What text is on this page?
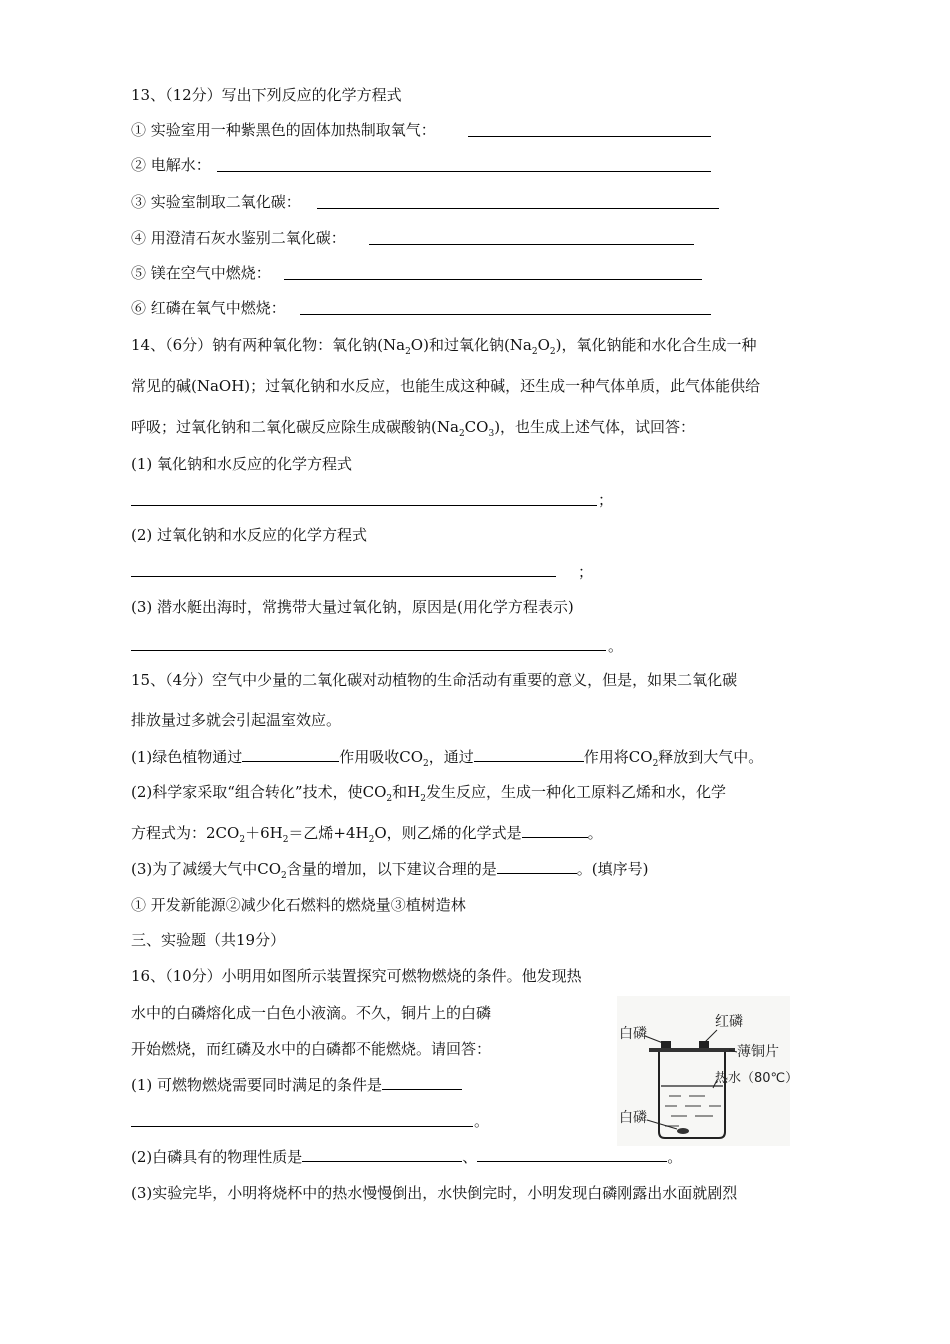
13、（12分）写出下列反应的化学方程式
① 实验室用一种紫黑色的固体加热制取氧气：
② 电解水：
③ 实验室制取二氧化碳：
④ 用澄清石灰水鉴别二氧化碳：
⑤ 镁在空气中燃烧：
⑥ 红磷在氧气中燃烧：
14、（6分）钠有两种氧化物：氧化钠$(Na_2O)$和过氧化钠$(Na_2O_2)$，氧化钠能和水化合生成一种
常见的碱(NaOH)；过氧化钠和水反应，也能生成这种碱，还生成一种气体单质，此气体能供给
呼吸；过氧化钠和二氧化碳反应除生成碳酸钠$(Na_2CO_3)$，也生成上述气体，试回答：
(1) 氧化钠和水反应的化学方程式
；
(2) 过氧化钠和水反应的化学方程式
；
(3) 潜水艇出海时，常携带大量过氧化钠，原因是(用化学方程表示)
。
15、（4分）空气中少量的二氧化碳对动植物的生命活动有重要的意义，但是，如果二氧化碳
排放量过多就会引起温室效应。
(1)绿色植物通过	作用吸收$CO_2$，通过	作用将$CO_2$释放到大气中。
(2)科学家采取“组合转化”技术，使$CO_2$和$H_2$发生反应，生成一种化工原料乙烯和水，化学
方程式为：$2CO_2+6H_2=$乙烯$+4H_2O$，则乙烯的化学式是	。
(3)为了减缓大气中$CO_2$含量的增加，以下建议合理的是	。(填序号)
① 开发新能源②减少化石燃料的燃烧量③植树造林
三、实验题（共19分）
16、（10分）小明用如图所示装置探究可燃物燃烧的条件。他发现热
水中的白磷熔化成一白色小液滴。不久，铜片上的白磷
开始燃烧，而红磷及水中的白磷都不能燃烧。请回答：
(1) 可燃物燃烧需要同时满足的条件是
。
(2)白磷具有的物理性质是	、	。
(3)实验完毕，小明将烧杯中的热水慢慢倒出，水快倒完时，小明发现白磷刚露出水面就剧烈
白磷
红磷
薄铜片
热水（80℃）
白磷
